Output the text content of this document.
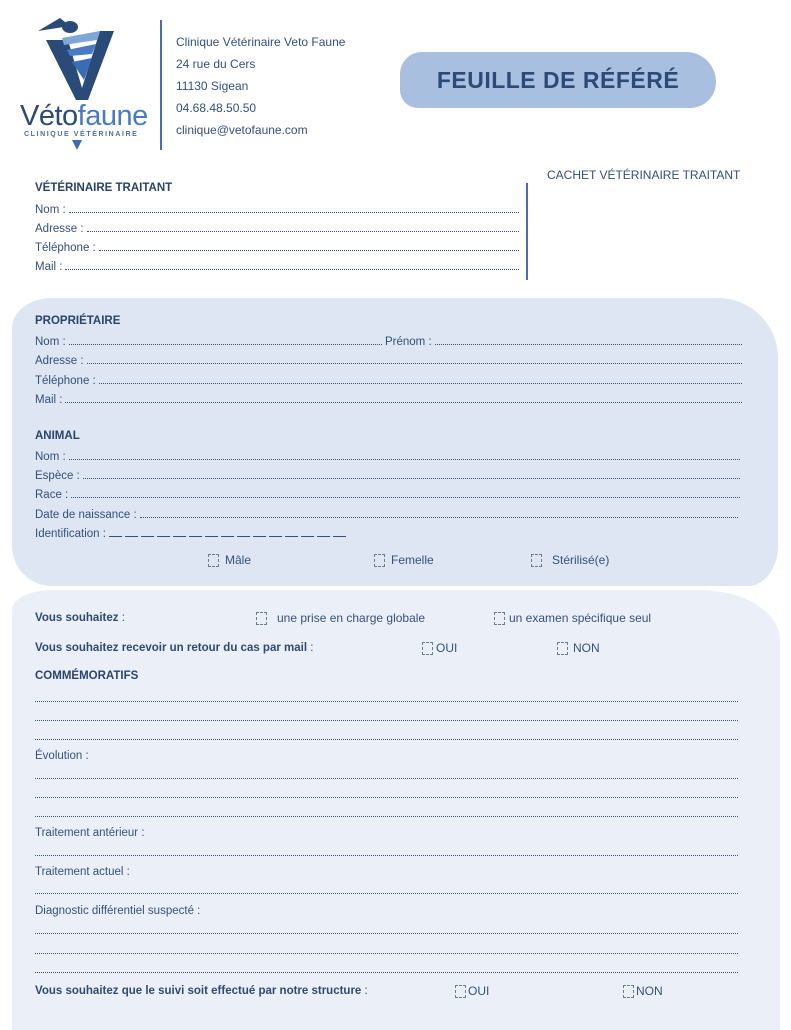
Vétofaune
CLINIQUE VÉTÉRINAIRE
Clinique Vétérinaire Veto Faune
24 rue du Cers
11130 Sigean
04.68.48.50.50
clinique@vetofaune.com
FEUILLE DE RÉFÉRÉ
CACHET VÉTÉRINAIRE TRAITANT
VÉTÉRINAIRE TRAITANT
Nom :
Adresse :
Téléphone :
Mail :
PROPRIÉTAIRE
Nom :	Prénom :
Adresse :
Téléphone :
Mail :
ANIMAL
Nom :
Espèce :
Race :
Date de naissance :
Identification :
Mâle	Femelle	Stérilisé(e)
Vous souhaitez :	une prise en charge globale	un examen spécifique seul
Vous souhaitez recevoir un retour du cas par mail :	OUI	NON
COMMÉMORATIFS
Évolution :
Traitement antérieur :
Traitement actuel :
Diagnostic différentiel suspecté :
Vous souhaitez que le suivi soit effectué par notre structure :	OUI	NON
